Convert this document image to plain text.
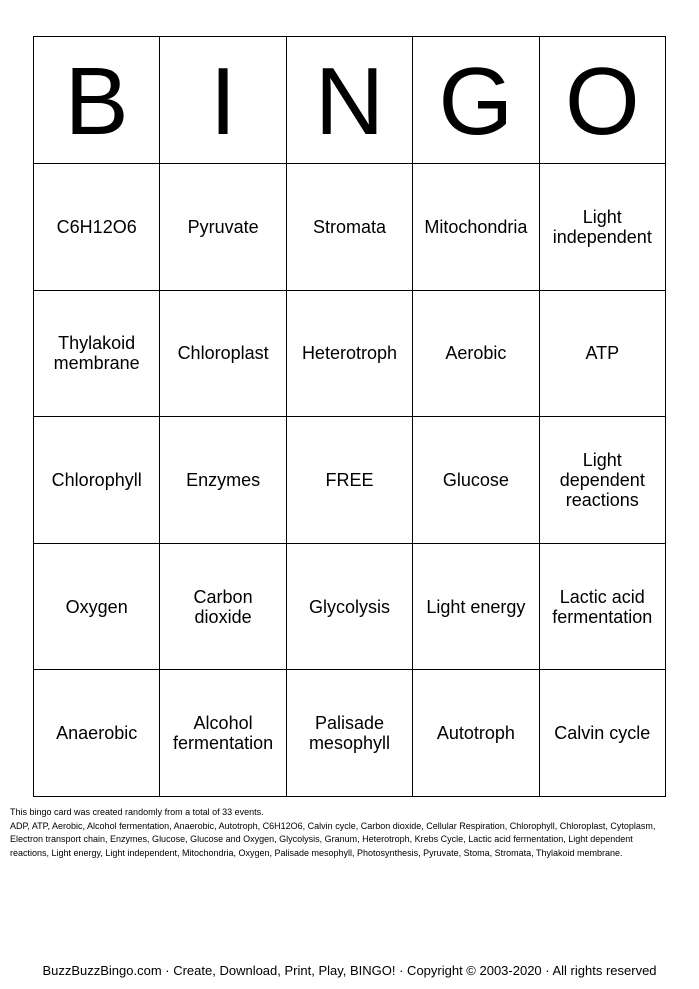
B	I	N	G	O
C6H12O6	Pyruvate	Stromata	Mitochondria	Light independent
Thylakoid membrane	Chloroplast	Heterotroph	Aerobic	ATP
Chlorophyll	Enzymes	FREE	Glucose	Light dependent reactions
Oxygen	Carbon dioxide	Glycolysis	Light energy	Lactic acid fermentation
Anaerobic	Alcohol fermentation	Palisade mesophyll	Autotroph	Calvin cycle

This bingo card was created randomly from a total of 33 events.

ADP, ATP, Aerobic, Alcohol fermentation, Anaerobic, Autotroph, C6H12O6, Calvin cycle, Carbon dioxide, Cellular Respiration, Chlorophyll, Chloroplast, Cytoplasm, Electron transport chain, Enzymes, Glucose, Glucose and Oxygen, Glycolysis, Granum, Heterotroph, Krebs Cycle, Lactic acid fermentation, Light dependent reactions, Light energy, Light independent, Mitochondria, Oxygen, Palisade mesophyll, Photosynthesis, Pyruvate, Stoma, Stromata, Thylakoid membrane.

BuzzBuzzBingo.com · Create, Download, Print, Play, BINGO! · Copyright © 2003-2020 · All rights reserved
